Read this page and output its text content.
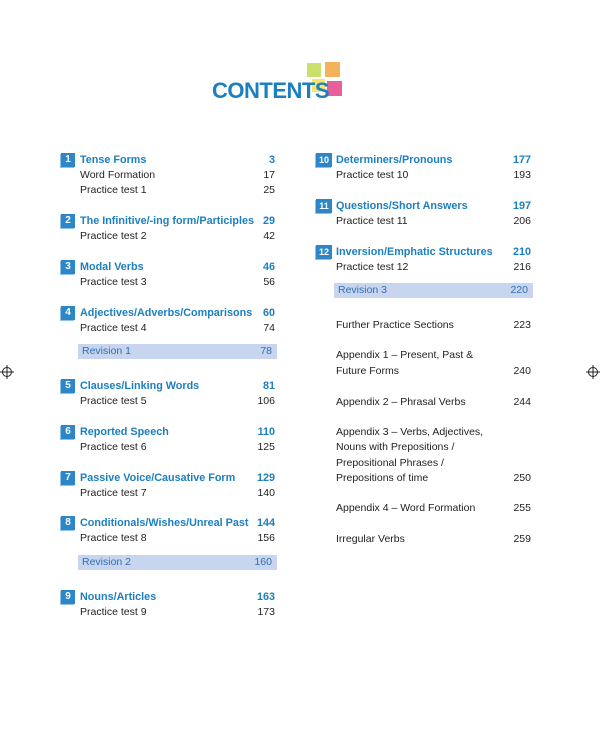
CONTENTS
1 Tense Forms	3
Word Formation	17
Practice test 1	25
2 The Infinitive/-ing form/Participles 29
Practice test 2	42
3 Modal Verbs	46
Practice test 3	56
4 Adjectives/Adverbs/Comparisons 60
Practice test 4	74
Revision 1	78
5 Clauses/Linking Words	81
Practice test 5	106
6 Reported Speech	110
Practice test 6	125
7 Passive Voice/Causative Form 129
Practice test 7	140
8 Conditionals/Wishes/Unreal Past 144
Practice test 8	156
Revision 2	160
9 Nouns/Articles	163
Practice test 9	173
10 Determiners/Pronouns	177
Practice test 10	193
11 Questions/Short Answers	197
Practice test 11	206
12 Inversion/Emphatic Structures 210
Practice test 12	216
Revision 3	220
Further Practice Sections	223
Appendix 1 – Present, Past &
Future Forms	240
Appendix 2 – Phrasal Verbs	244
Appendix 3 – Verbs, Adjectives,
Nouns with Prepositions /
Prepositional Phrases /
Prepositions of time	250
Appendix 4 – Word Formation	255
Irregular Verbs	259
